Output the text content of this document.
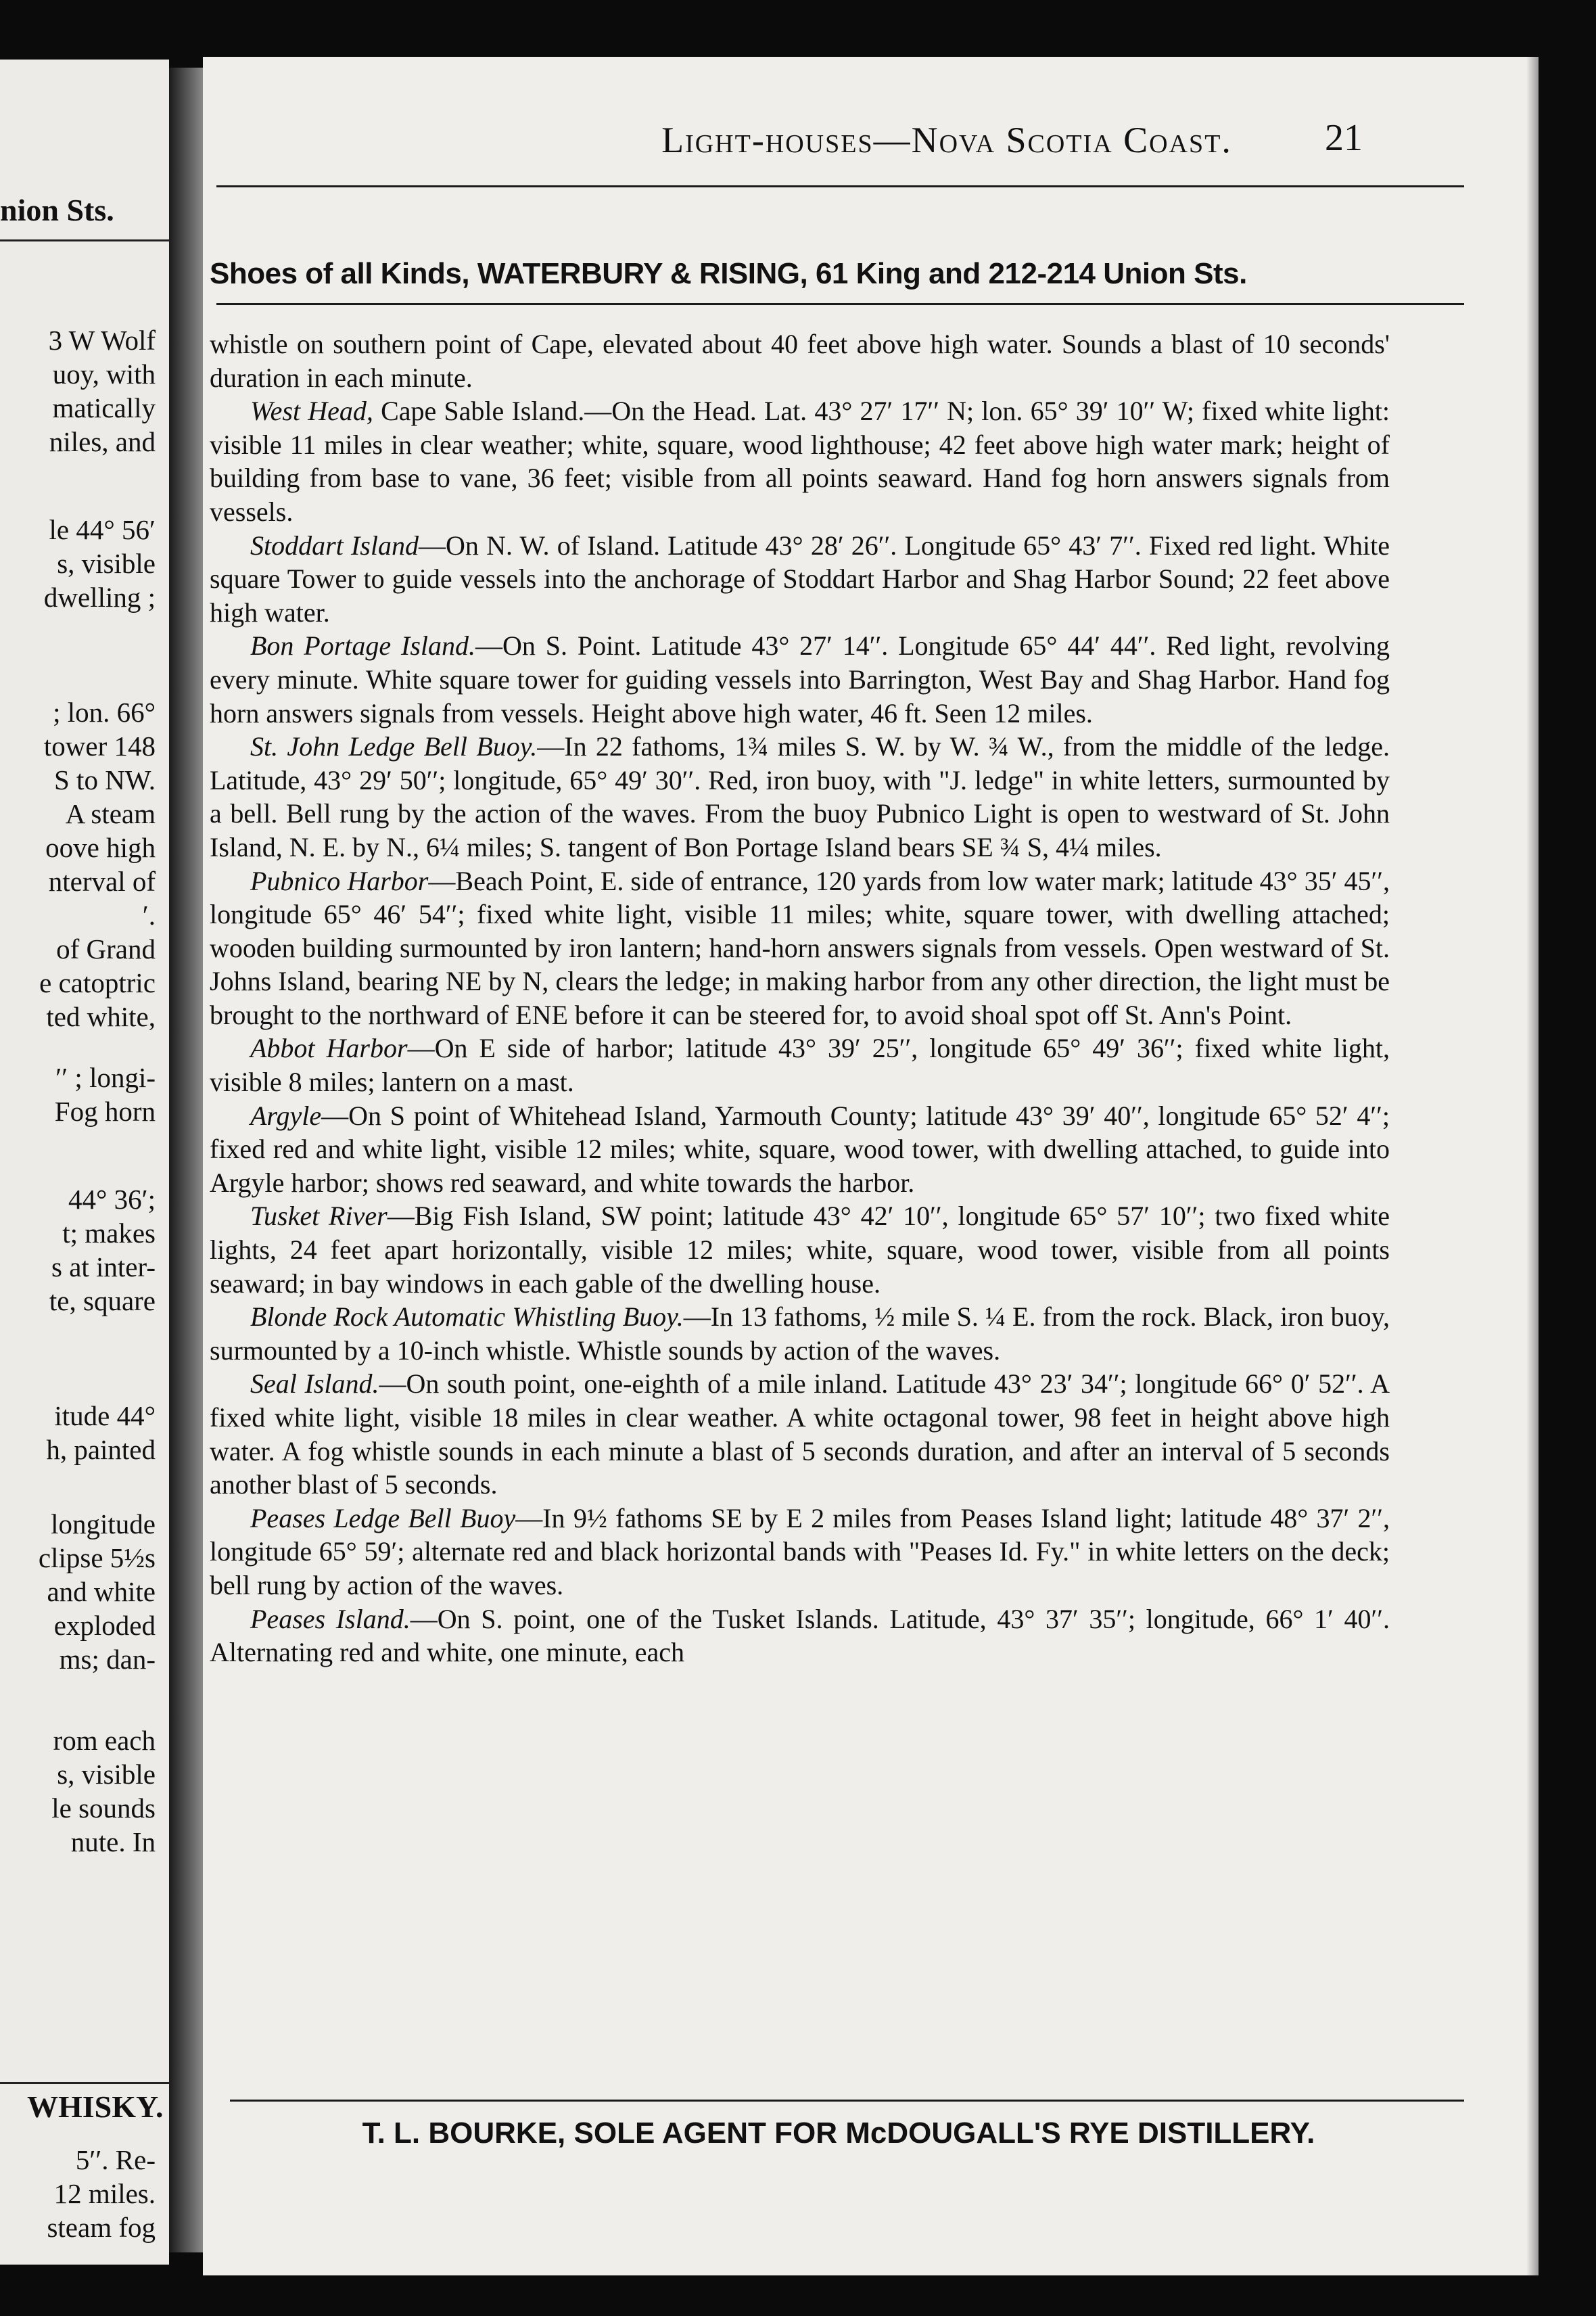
nion Sts.
3 W Wolf
uoy, with
matically
niles, and
le 44° 56′
s, visible
dwelling ;
; lon. 66°
tower 148
S to NW.
A steam
oove high
nterval of
′.
of Grand
e catoptric
ted white,
′′ ; longi-
Fog horn
44° 36′;
t; makes
s at inter-
te, square
itude 44°
h, painted
longitude
clipse 5½s
and white
exploded
ms; dan-
rom each
s, visible
le sounds
nute. In
5′′. Re-
12 miles.
steam fog
WHISKY.
Light-houses—Nova Scotia Coast.	21
Shoes of all Kinds, WATERBURY & RISING, 61 King and 212-214 Union Sts.

whistle on southern point of Cape, elevated about 40 feet above high water. Sounds a blast of 10 seconds' duration in each minute.

West Head, Cape Sable Island.—On the Head. Lat. 43° 27′ 17′′ N; lon. 65° 39′ 10′′ W; fixed white light: visible 11 miles in clear weather; white, square, wood lighthouse; 42 feet above high water mark; height of building from base to vane, 36 feet; visible from all points seaward. Hand fog horn answers signals from vessels.

Stoddart Island—On N. W. of Island. Latitude 43° 28′ 26′′. Longitude 65° 43′ 7′′. Fixed red light. White square Tower to guide vessels into the anchorage of Stoddart Harbor and Shag Harbor Sound; 22 feet above high water.

Bon Portage Island.—On S. Point. Latitude 43° 27′ 14′′. Longitude 65° 44′ 44′′. Red light, revolving every minute. White square tower for guiding vessels into Barrington, West Bay and Shag Harbor. Hand fog horn answers signals from vessels. Height above high water, 46 ft. Seen 12 miles.

St. John Ledge Bell Buoy.—In 22 fathoms, 1¾ miles S. W. by W. ¾ W., from the middle of the ledge. Latitude, 43° 29′ 50′′; longitude, 65° 49′ 30′′. Red, iron buoy, with "J. ledge" in white letters, surmounted by a bell. Bell rung by the action of the waves. From the buoy Pubnico Light is open to westward of St. John Island, N. E. by N., 6¼ miles; S. tangent of Bon Portage Island bears SE ¾ S, 4¼ miles.

Pubnico Harbor—Beach Point, E. side of entrance, 120 yards from low water mark; latitude 43° 35′ 45′′, longitude 65° 46′ 54′′; fixed white light, visible 11 miles; white, square tower, with dwelling attached; wooden building surmounted by iron lantern; hand-horn answers signals from vessels. Open westward of St. Johns Island, bearing NE by N, clears the ledge; in making harbor from any other direction, the light must be brought to the northward of ENE before it can be steered for, to avoid shoal spot off St. Ann's Point.

Abbot Harbor—On E side of harbor; latitude 43° 39′ 25′′, longitude 65° 49′ 36′′; fixed white light, visible 8 miles; lantern on a mast.

Argyle—On S point of Whitehead Island, Yarmouth County; latitude 43° 39′ 40′′, longitude 65° 52′ 4′′; fixed red and white light, visible 12 miles; white, square, wood tower, with dwelling attached, to guide into Argyle harbor; shows red seaward, and white towards the harbor.

Tusket River—Big Fish Island, SW point; latitude 43° 42′ 10′′, longitude 65° 57′ 10′′; two fixed white lights, 24 feet apart horizontally, visible 12 miles; white, square, wood tower, visible from all points seaward; in bay windows in each gable of the dwelling house.

Blonde Rock Automatic Whistling Buoy.—In 13 fathoms, ½ mile S. ¼ E. from the rock. Black, iron buoy, surmounted by a 10-inch whistle. Whistle sounds by action of the waves.

Seal Island.—On south point, one-eighth of a mile inland. Latitude 43° 23′ 34′′; longitude 66° 0′ 52′′. A fixed white light, visible 18 miles in clear weather. A white octagonal tower, 98 feet in height above high water. A fog whistle sounds in each minute a blast of 5 seconds duration, and after an interval of 5 seconds another blast of 5 seconds.

Peases Ledge Bell Buoy—In 9½ fathoms SE by E 2 miles from Peases Island light; latitude 48° 37′ 2′′, longitude 65° 59′; alternate red and black horizontal bands with "Peases Id. Fy." in white letters on the deck; bell rung by action of the waves.

Peases Island.—On S. point, one of the Tusket Islands. Latitude, 43° 37′ 35′′; longitude, 66° 1′ 40′′. Alternating red and white, one minute, each

T. L. BOURKE, SOLE AGENT FOR McDOUGALL'S RYE DISTILLERY.
